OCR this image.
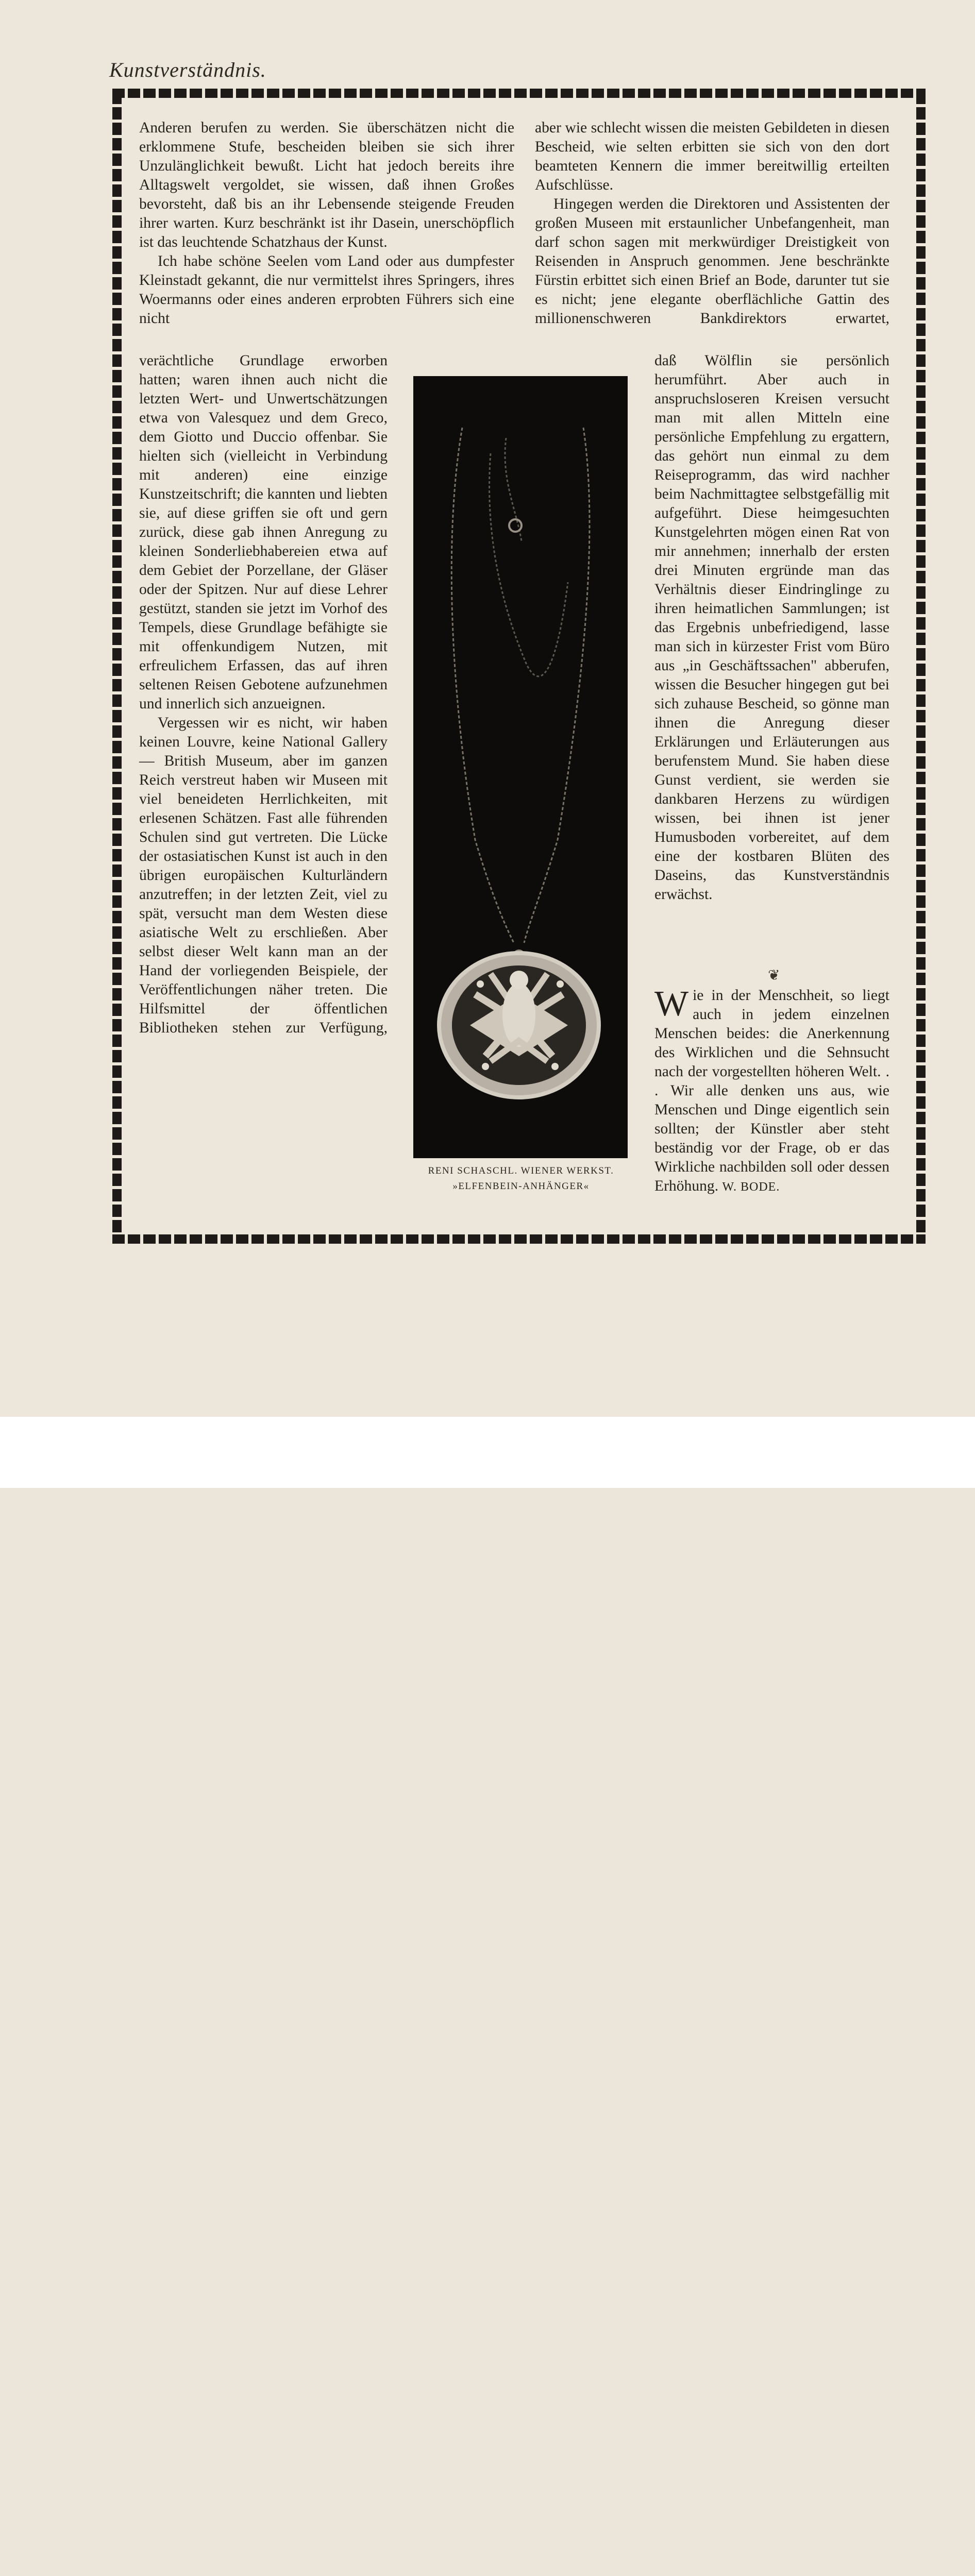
Kunstverständnis.

Anderen berufen zu werden. Sie überschätzen nicht die erklommene Stufe, bescheiden bleiben sie sich ihrer Unzulänglichkeit bewußt. Licht hat jedoch bereits ihre Alltagswelt vergoldet, sie wissen, daß ihnen Großes bevorsteht, daß bis an ihr Lebensende steigende Freuden ihrer warten. Kurz beschränkt ist ihr Dasein, unerschöpflich ist das leuchtende Schatzhaus der Kunst.

Ich habe schöne Seelen vom Land oder aus dumpfester Kleinstadt gekannt, die nur vermittelst ihres Springers, ihres Woermanns oder eines anderen erprobten Führers sich eine nicht

aber wie schlecht wissen die meisten Gebildeten in diesen Bescheid, wie selten erbitten sie sich von den dort beamteten Kennern die immer bereitwillig erteilten Aufschlüsse.

Hingegen werden die Direktoren und Assistenten der großen Museen mit erstaunlicher Unbefangenheit, man darf schon sagen mit merkwürdiger Dreistigkeit von Reisenden in Anspruch genommen. Jene beschränkte Fürstin erbittet sich einen Brief an Bode, darunter tut sie es nicht; jene elegante oberflächliche Gattin des millionenschweren Bankdirektors erwartet,

verächtliche Grundlage erworben hatten; waren ihnen auch nicht die letzten Wert- und Unwertschätzungen etwa von Valesquez und dem Greco, dem Giotto und Duccio offenbar. Sie hielten sich (vielleicht in Verbindung mit anderen) eine einzige Kunstzeitschrift; die kannten und liebten sie, auf diese griffen sie oft und gern zurück, diese gab ihnen Anregung zu kleinen Sonderliebhabereien etwa auf dem Gebiet der Porzellane, der Gläser oder der Spitzen. Nur auf diese Lehrer gestützt, standen sie jetzt im Vorhof des Tempels, diese Grundlage befähigte sie mit offenkundigem Nutzen, mit erfreulichem Erfassen, das auf ihren seltenen Reisen Gebotene aufzunehmen und innerlich sich anzueignen.

Vergessen wir es nicht, wir haben keinen Louvre, keine National Gallery — British Museum, aber im ganzen Reich verstreut haben wir Museen mit viel beneideten Herrlichkeiten, mit erlesenen Schätzen. Fast alle führenden Schulen sind gut vertreten. Die Lücke der ostasiatischen Kunst ist auch in den übrigen europäischen Kulturländern anzutreffen; in der letzten Zeit, viel zu spät, versucht man dem Westen diese asiatische Welt zu erschließen. Aber selbst dieser Welt kann man an der Hand der vorliegenden Beispiele, der Veröffentlichungen näher treten. Die Hilfsmittel der öffentlichen Bibliotheken stehen zur Verfügung,

RENI SCHASCHL. WIENER WERKST.
»ELFENBEIN-ANHÄNGER«

daß Wölflin sie persönlich herumführt. Aber auch in anspruchsloseren Kreisen versucht man mit allen Mitteln eine persönliche Empfehlung zu ergattern, das gehört nun einmal zu dem Reiseprogramm, das wird nachher beim Nachmittagtee selbstgefällig mit aufgeführt. Diese heimgesuchten Kunstgelehrten mögen einen Rat von mir annehmen; innerhalb der ersten drei Minuten ergründe man das Verhältnis dieser Eindringlinge zu ihren heimatlichen Sammlungen; ist das Ergebnis unbefriedigend, lasse man sich in kürzester Frist vom Büro aus „in Geschäftssachen" abberufen, wissen die Besucher hingegen gut bei sich zuhause Bescheid, so gönne man ihnen die Anregung dieser Erklärungen und Erläuterungen aus berufenstem Mund. Sie haben diese Gunst verdient, sie werden sie dankbaren Herzens zu würdigen wissen, bei ihnen ist jener Humusboden vorbereitet, auf dem eine der kostbaren Blüten des Daseins, das Kunstverständnis erwächst.

❦

Wie in der Menschheit, so liegt auch in jedem einzelnen Menschen beides: die Anerkennung des Wirklichen und die Sehnsucht nach der vorgestellten höheren Welt. . . Wir alle denken uns aus, wie Menschen und Dinge eigentlich sein sollten; der Künstler aber steht beständig vor der Frage, ob er das Wirkliche nachbilden soll oder dessen Erhöhung. W. BODE.
